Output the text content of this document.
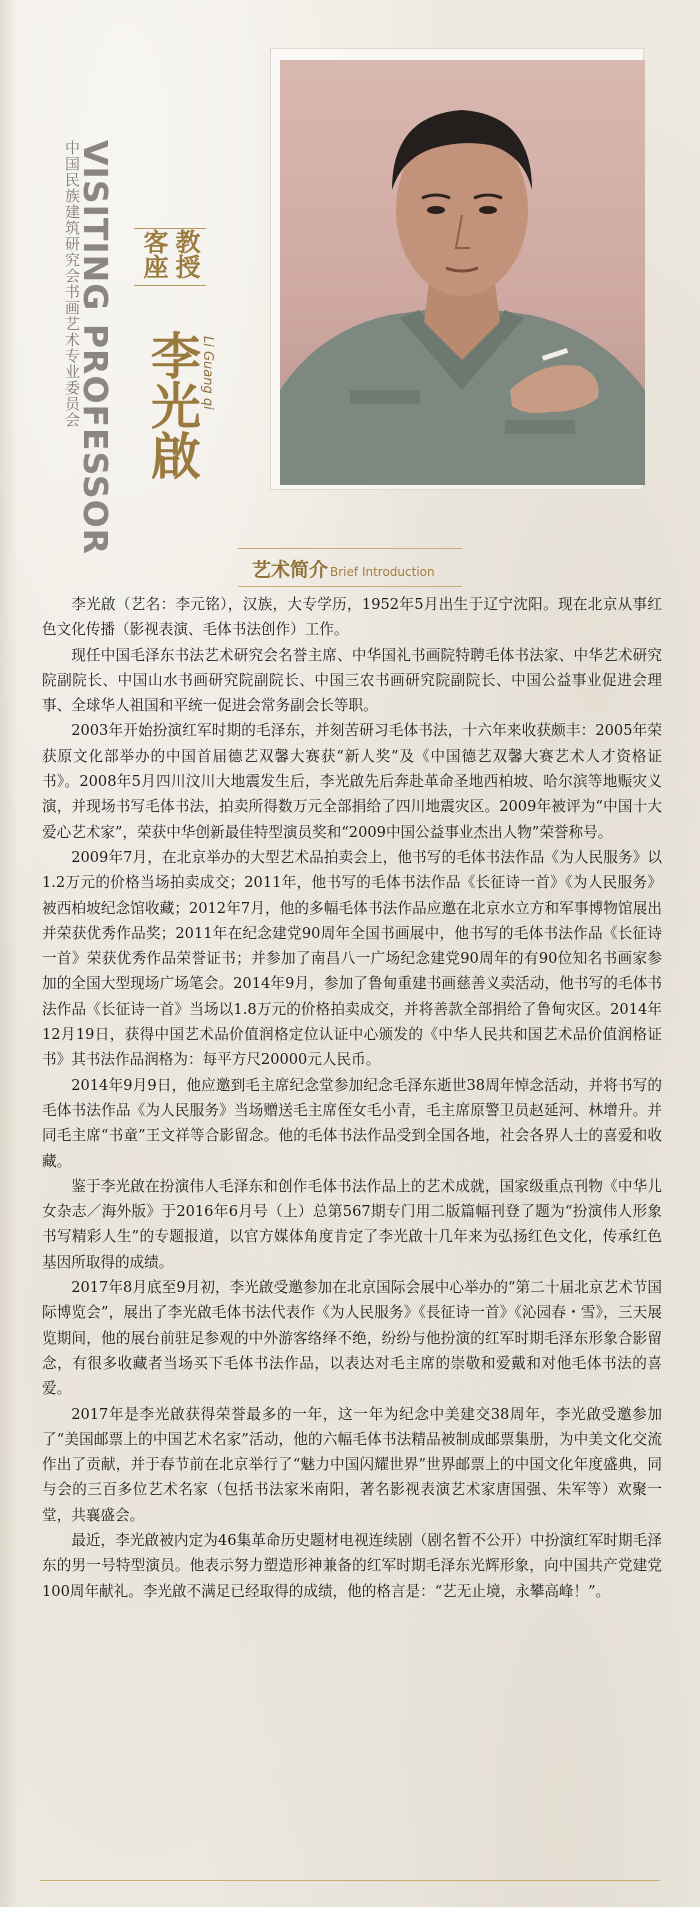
VISITING PROFESSOR
中国民族建筑研究会书画艺术专业委员会	教授
客座
李光啟
Li Guang qi
艺术简介 Brief Introduction

李光啟（艺名：李元铭），汉族，大专学历，1952年5月出生于辽宁沈阳。现在北京从事红色文化传播（影视表演、毛体书法创作）工作。

现任中国毛泽东书法艺术研究会名誉主席、中华国礼书画院特聘毛体书法家、中华艺术研究院副院长、中国山水书画研究院副院长、中国三农书画研究院副院长、中国公益事业促进会理事、全球华人祖国和平统一促进会常务副会长等职。

2003年开始扮演红军时期的毛泽东，并刻苦研习毛体书法，十六年来收获颇丰：2005年荣获原文化部举办的中国首届德艺双馨大赛获“新人奖”及《中国德艺双馨大赛艺术人才资格证书》。2008年5月四川汶川大地震发生后，李光啟先后奔赴革命圣地西柏坡、哈尔滨等地赈灾义演，并现场书写毛体书法，拍卖所得数万元全部捐给了四川地震灾区。2009年被评为“中国十大爱心艺术家”，荣获中华创新最佳特型演员奖和“2009中国公益事业杰出人物”荣誉称号。

2009年7月，在北京举办的大型艺术品拍卖会上，他书写的毛体书法作品《为人民服务》以1.2万元的价格当场拍卖成交；2011年，他书写的毛体书法作品《长征诗一首》《为人民服务》被西柏坡纪念馆收藏；2012年7月，他的多幅毛体书法作品应邀在北京水立方和军事博物馆展出并荣获优秀作品奖；2011年在纪念建党90周年全国书画展中，他书写的毛体书法作品《长征诗一首》荣获优秀作品荣誉证书；并参加了南昌八一广场纪念建党90周年的有90位知名书画家参加的全国大型现场广场笔会。2014年9月，参加了鲁甸重建书画慈善义卖活动，他书写的毛体书法作品《长征诗一首》当场以1.8万元的价格拍卖成交，并将善款全部捐给了鲁甸灾区。2014年12月19日，获得中国艺术品价值润格定位认证中心颁发的《中华人民共和国艺术品价值润格证书》其书法作品润格为：每平方尺20000元人民币。

2014年9月9日，他应邀到毛主席纪念堂参加纪念毛泽东逝世38周年悼念活动，并将书写的毛体书法作品《为人民服务》当场赠送毛主席侄女毛小青，毛主席原警卫员赵延河、林增升。并同毛主席“书童”王文祥等合影留念。他的毛体书法作品受到全国各地，社会各界人士的喜爱和收藏。

鉴于李光啟在扮演伟人毛泽东和创作毛体书法作品上的艺术成就，国家级重点刊物《中华儿女杂志／海外版》于2016年6月号（上）总第567期专门用二版篇幅刊登了题为“扮演伟人形象 书写精彩人生”的专题报道，以官方媒体角度肯定了李光啟十几年来为弘扬红色文化，传承红色基因所取得的成绩。

2017年8月底至9月初，李光啟受邀参加在北京国际会展中心举办的“第二十届北京艺术节国际博览会”，展出了李光啟毛体书法代表作《为人民服务》《長征诗一首》《沁园春・雪》，三天展览期间，他的展台前驻足参观的中外游客络绎不绝，纷纷与他扮演的红军时期毛泽东形象合影留念，有很多收藏者当场买下毛体书法作品，以表达对毛主席的崇敬和爱戴和对他毛体书法的喜爱。

2017年是李光啟获得荣誉最多的一年，这一年为纪念中美建交38周年，李光啟受邀参加了“美国邮票上的中国艺术名家”活动，他的六幅毛体书法精品被制成邮票集册，为中美文化交流作出了贡献，并于春节前在北京举行了“魅力中国闪耀世界”世界邮票上的中国文化年度盛典，同与会的三百多位艺术名家（包括书法家米南阳，著名影视表演艺术家唐国强、朱军等）欢聚一堂，共襄盛会。

最近，李光啟被内定为46集革命历史题材电视连续剧（剧名暂不公开）中扮演红军时期毛泽东的男一号特型演员。他表示努力塑造形神兼备的红军时期毛泽东光辉形象，向中国共产党建党100周年献礼。李光啟不满足已经取得的成绩，他的格言是：“艺无止境，永攀高峰！”。
